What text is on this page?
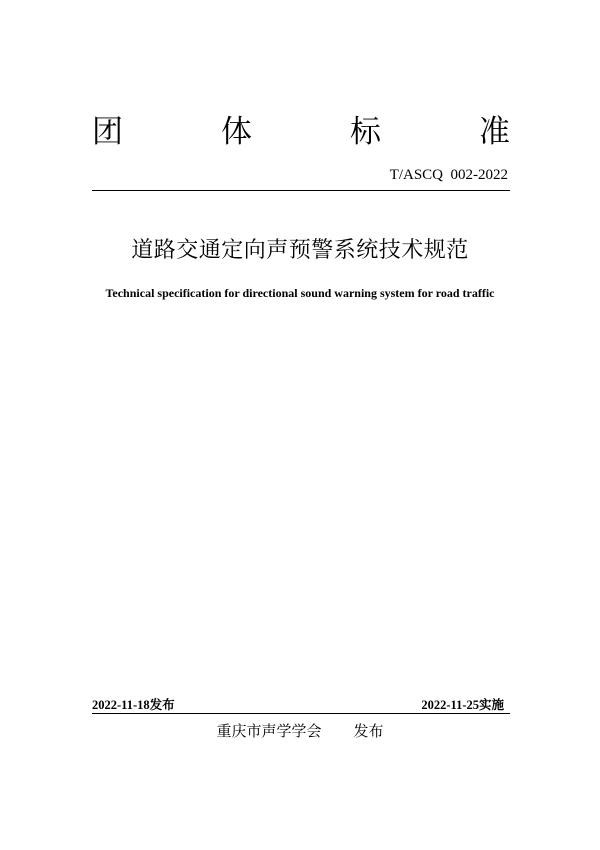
团	体	标	准
T/ASCQ  002-2022
道路交通定向声预警系统技术规范
Technical specification for directional sound warning system for road traffic
2022-11-18发布	2022-11-25实施
重庆市声学学会 发布
